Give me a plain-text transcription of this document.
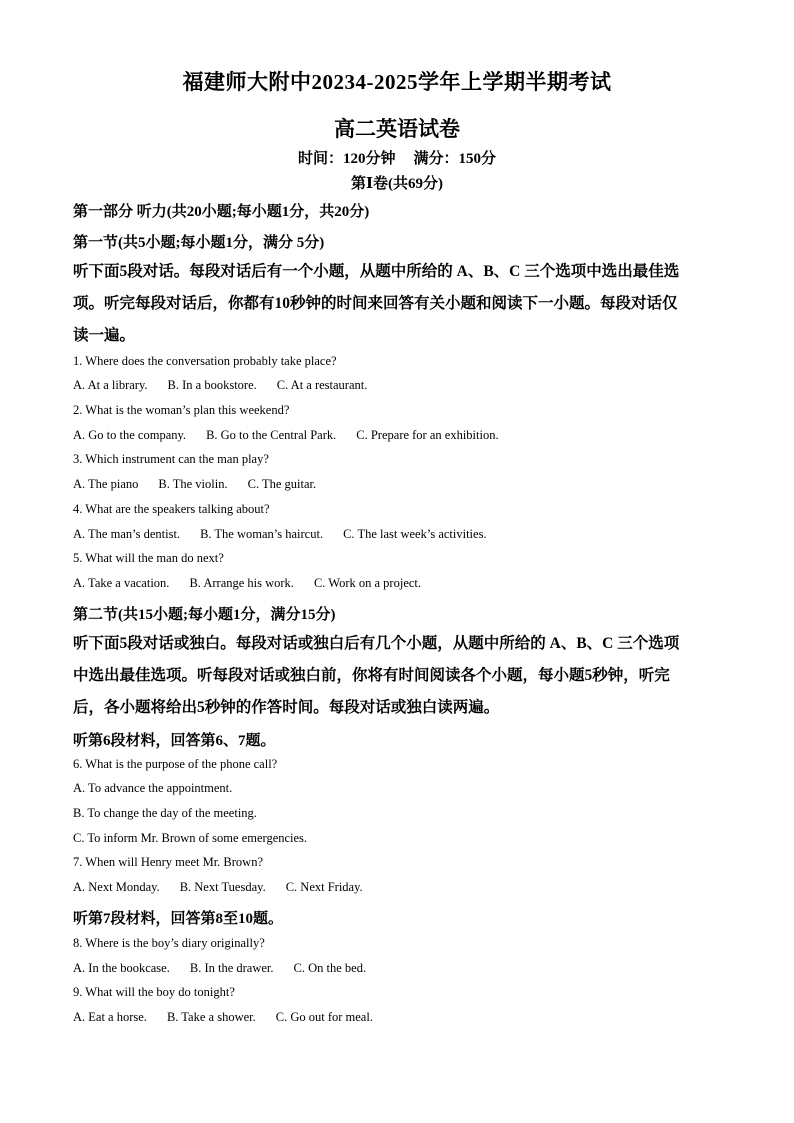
福建师大附中20234-2025学年上学期半期考试
高二英语试卷
时间：120分钟 满分：150分
第Ⅰ卷(共69分)
第一部分 听力(共20小题;每小题1分，共20分)
第一节(共5小题;每小题1分，满分 5分)
听下面5段对话。每段对话后有一个小题，从题中所给的 A、B、C 三个选项中选出最佳选
项。听完每段对话后，你都有10秒钟的时间来回答有关小题和阅读下一小题。每段对话仅
读一遍。
1. Where does the conversation probably take place?
A. At a library. B. In a bookstore. C. At a restaurant.
2. What is the woman’s plan this weekend?
A. Go to the company. B. Go to the Central Park. C. Prepare for an exhibition.
3. Which instrument can the man play?
A. The piano B. The violin. C. The guitar.
4. What are the speakers talking about?
A. The man’s dentist. B. The woman’s haircut. C. The last week’s activities.
5. What will the man do next?
A. Take a vacation. B. Arrange his work. C. Work on a project.
第二节(共15小题;每小题1分，满分15分)
听下面5段对话或独白。每段对话或独白后有几个小题，从题中所给的 A、B、C 三个选项
中选出最佳选项。听每段对话或独白前，你将有时间阅读各个小题，每小题5秒钟，听完
后，各小题将给出5秒钟的作答时间。每段对话或独白读两遍。
听第6段材料，回答第6、7题。
6. What is the purpose of the phone call?
A. To advance the appointment.
B. To change the day of the meeting.
C. To inform Mr. Brown of some emergencies.
7. When will Henry meet Mr. Brown?
A. Next Monday. B. Next Tuesday. C. Next Friday.
听第7段材料，回答第8至10题。
8. Where is the boy’s diary originally?
A. In the bookcase. B. In the drawer. C. On the bed.
9. What will the boy do tonight?
A. Eat a horse. B. Take a shower. C. Go out for meal.
